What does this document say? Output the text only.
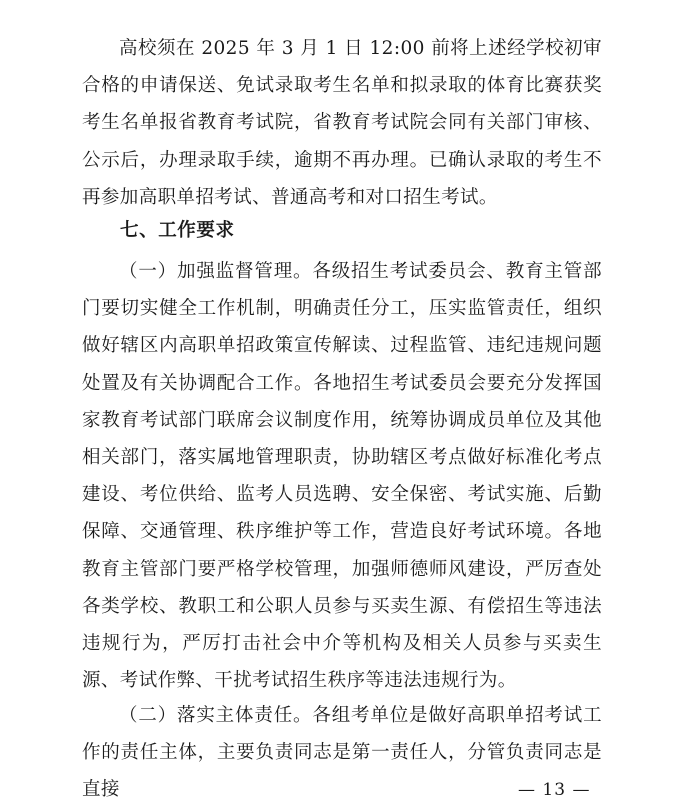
高校须在 2025 年 3 月 1 日 12:00 前将上述经学校初审合格的申请保送、免试录取考生名单和拟录取的体育比赛获奖考生名单报省教育考试院，省教育考试院会同有关部门审核、公示后，办理录取手续，逾期不再办理。已确认录取的考生不再参加高职单招考试、普通高考和对口招生考试。

七、工作要求

（一）加强监督管理。各级招生考试委员会、教育主管部门要切实健全工作机制，明确责任分工，压实监管责任，组织做好辖区内高职单招政策宣传解读、过程监管、违纪违规问题处置及有关协调配合工作。各地招生考试委员会要充分发挥国家教育考试部门联席会议制度作用，统筹协调成员单位及其他相关部门，落实属地管理职责，协助辖区考点做好标准化考点建设、考位供给、监考人员选聘、安全保密、考试实施、后勤保障、交通管理、秩序维护等工作，营造良好考试环境。各地教育主管部门要严格学校管理，加强师德师风建设，严厉查处各类学校、教职工和公职人员参与买卖生源、有偿招生等违法违规行为，严厉打击社会中介等机构及相关人员参与买卖生源、考试作弊、干扰考试招生秩序等违法违规行为。

（二）落实主体责任。各组考单位是做好高职单招考试工作的责任主体，主要负责同志是第一责任人，分管负责同志是直接	— 13 —
